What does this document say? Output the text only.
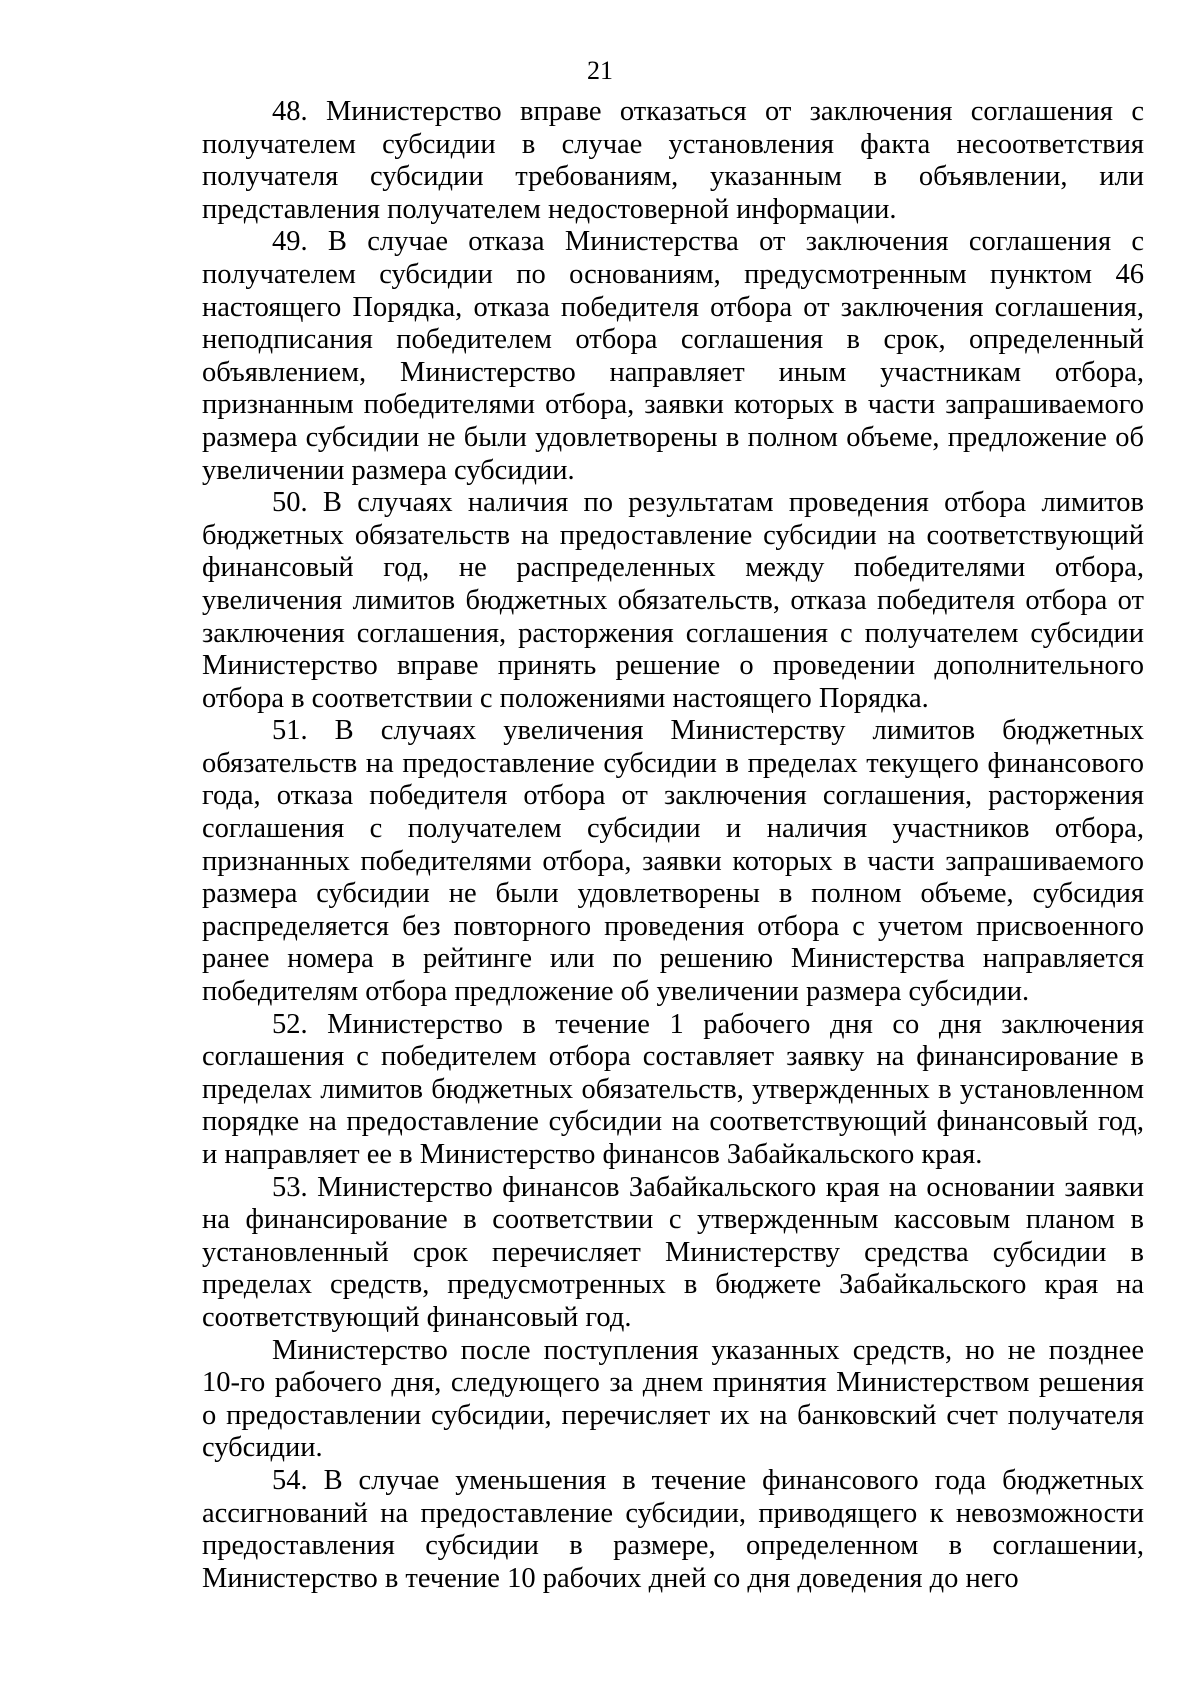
21

48. Министерство вправе отказаться от заключения соглашения с получателем субсидии в случае установления факта несоответствия получателя субсидии требованиям, указанным в объявлении, или представления получателем недостоверной информации.

49. В случае отказа Министерства от заключения соглашения с получателем субсидии по основаниям, предусмотренным пунктом 46 настоящего Порядка, отказа победителя отбора от заключения соглашения, неподписания победителем отбора соглашения в срок, определенный объявлением, Министерство направляет иным участникам отбора, признанным победителями отбора, заявки которых в части запрашиваемого размера субсидии не были удовлетворены в полном объеме, предложение об увеличении размера субсидии.

50. В случаях наличия по результатам проведения отбора лимитов бюджетных обязательств на предоставление субсидии на соответствующий финансовый год, не распределенных между победителями отбора, увеличения лимитов бюджетных обязательств, отказа победителя отбора от заключения соглашения, расторжения соглашения с получателем субсидии Министерство вправе принять решение о проведении дополнительного отбора в соответствии с положениями настоящего Порядка.

51. В случаях увеличения Министерству лимитов бюджетных обязательств на предоставление субсидии в пределах текущего финансового года, отказа победителя отбора от заключения соглашения, расторжения соглашения с получателем субсидии и наличия участников отбора, признанных победителями отбора, заявки которых в части запрашиваемого размера субсидии не были удовлетворены в полном объеме, субсидия распределяется без повторного проведения отбора с учетом присвоенного ранее номера в рейтинге или по решению Министерства направляется победителям отбора предложение об увеличении размера субсидии.

52. Министерство в течение 1 рабочего дня со дня заключения соглашения с победителем отбора составляет заявку на финансирование в пределах лимитов бюджетных обязательств, утвержденных в установленном порядке на предоставление субсидии на соответствующий финансовый год, и направляет ее в Министерство финансов Забайкальского края.

53. Министерство финансов Забайкальского края на основании заявки на финансирование в соответствии с утвержденным кассовым планом в установленный срок перечисляет Министерству средства субсидии в пределах средств, предусмотренных в бюджете Забайкальского края на соответствующий финансовый год.

Министерство после поступления указанных средств, но не позднее 10-го рабочего дня, следующего за днем принятия Министерством решения о предоставлении субсидии, перечисляет их на банковский счет получателя субсидии.

54. В случае уменьшения в течение финансового года бюджетных ассигнований на предоставление субсидии, приводящего к невозможности предоставления субсидии в размере, определенном в соглашении, Министерство в течение 10 рабочих дней со дня доведения до него
